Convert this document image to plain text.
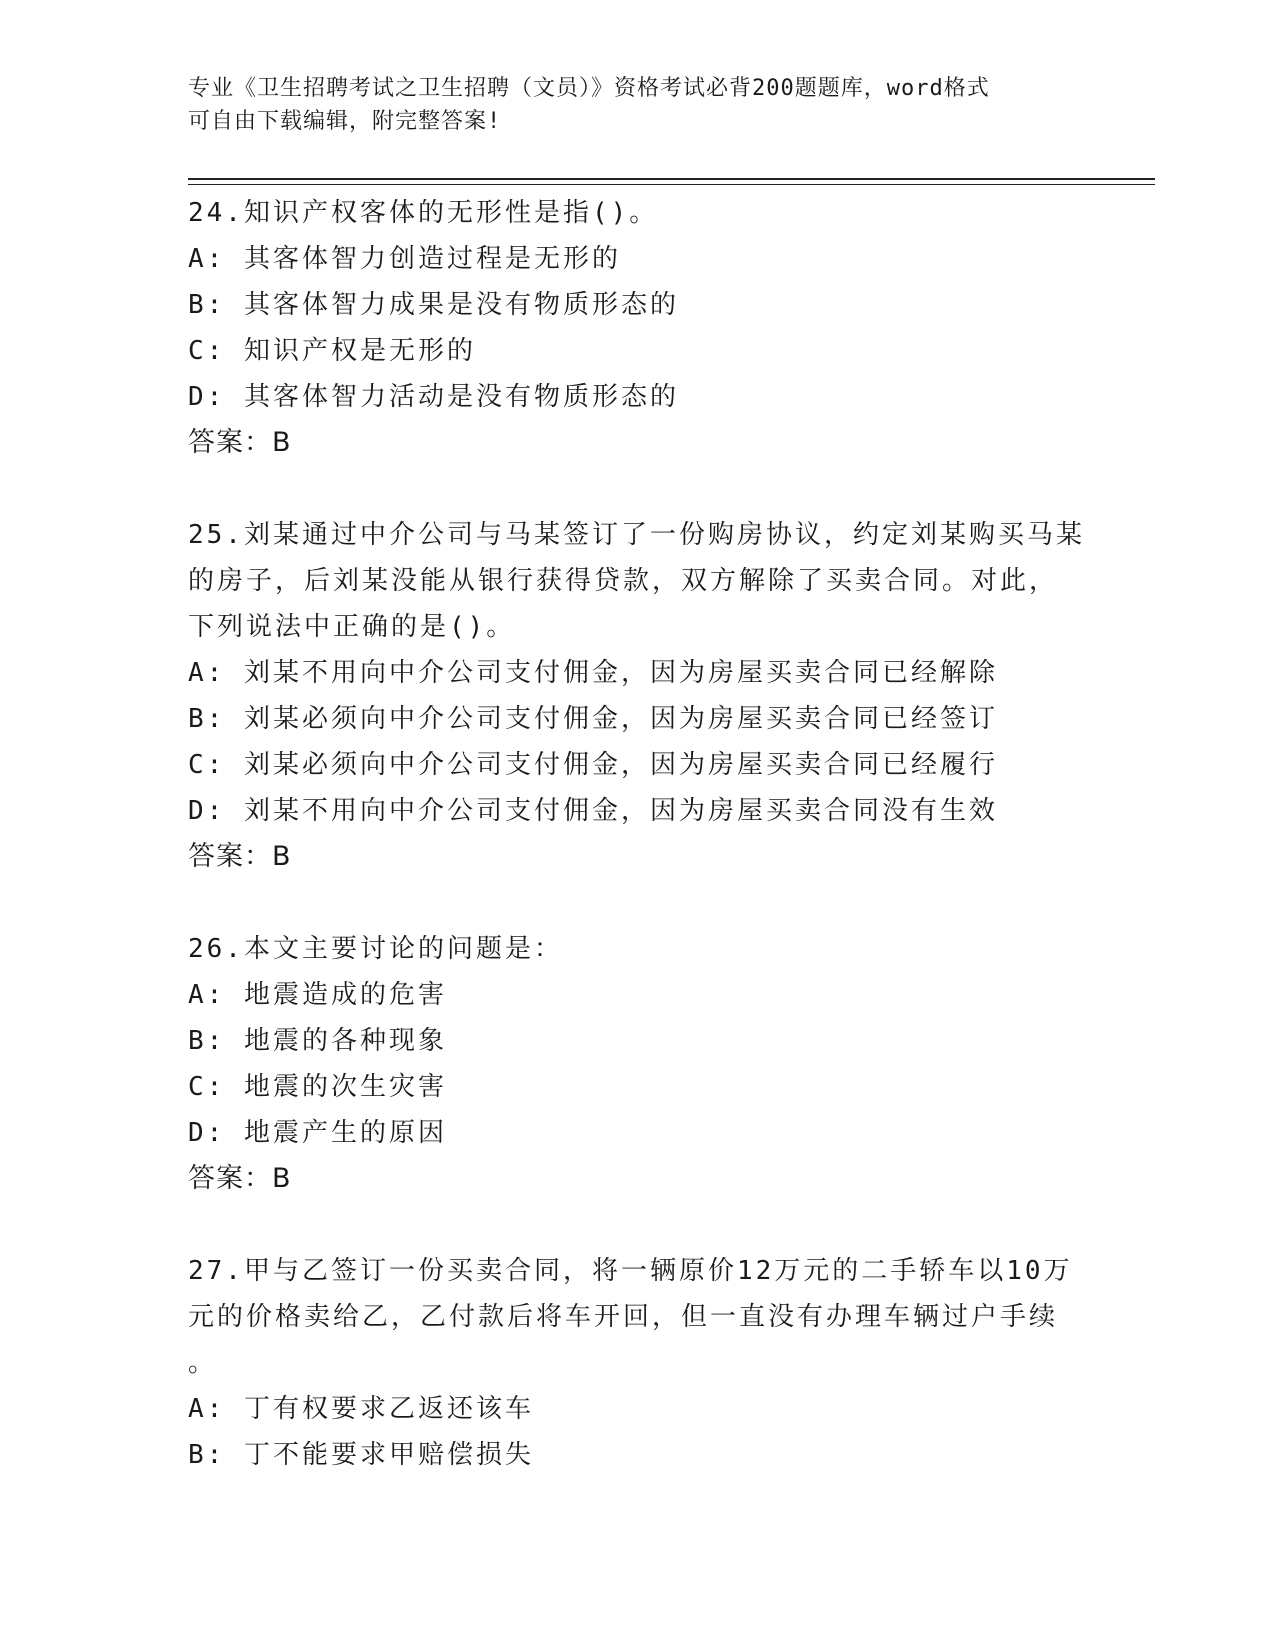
专业《卫生招聘考试之卫生招聘（文员）》资格考试必背200题题库，word格式
可自由下载编辑，附完整答案!
24.知识产权客体的无形性是指()。
A: 其客体智力创造过程是无形的
B: 其客体智力成果是没有物质形态的
C: 知识产权是无形的
D: 其客体智力活动是没有物质形态的
答案：B
25.刘某通过中介公司与马某签订了一份购房协议，约定刘某购买马某
的房子，后刘某没能从银行获得贷款，双方解除了买卖合同。对此，
下列说法中正确的是()。
A: 刘某不用向中介公司支付佣金，因为房屋买卖合同已经解除
B: 刘某必须向中介公司支付佣金，因为房屋买卖合同已经签订
C: 刘某必须向中介公司支付佣金，因为房屋买卖合同已经履行
D: 刘某不用向中介公司支付佣金，因为房屋买卖合同没有生效
答案：B
26.本文主要讨论的问题是：
A: 地震造成的危害
B: 地震的各种现象
C: 地震的次生灾害
D: 地震产生的原因
答案：B
27.甲与乙签订一份买卖合同，将一辆原价12万元的二手轿车以10万
元的价格卖给乙，乙付款后将车开回，但一直没有办理车辆过户手续
。
A: 丁有权要求乙返还该车
B: 丁不能要求甲赔偿损失
